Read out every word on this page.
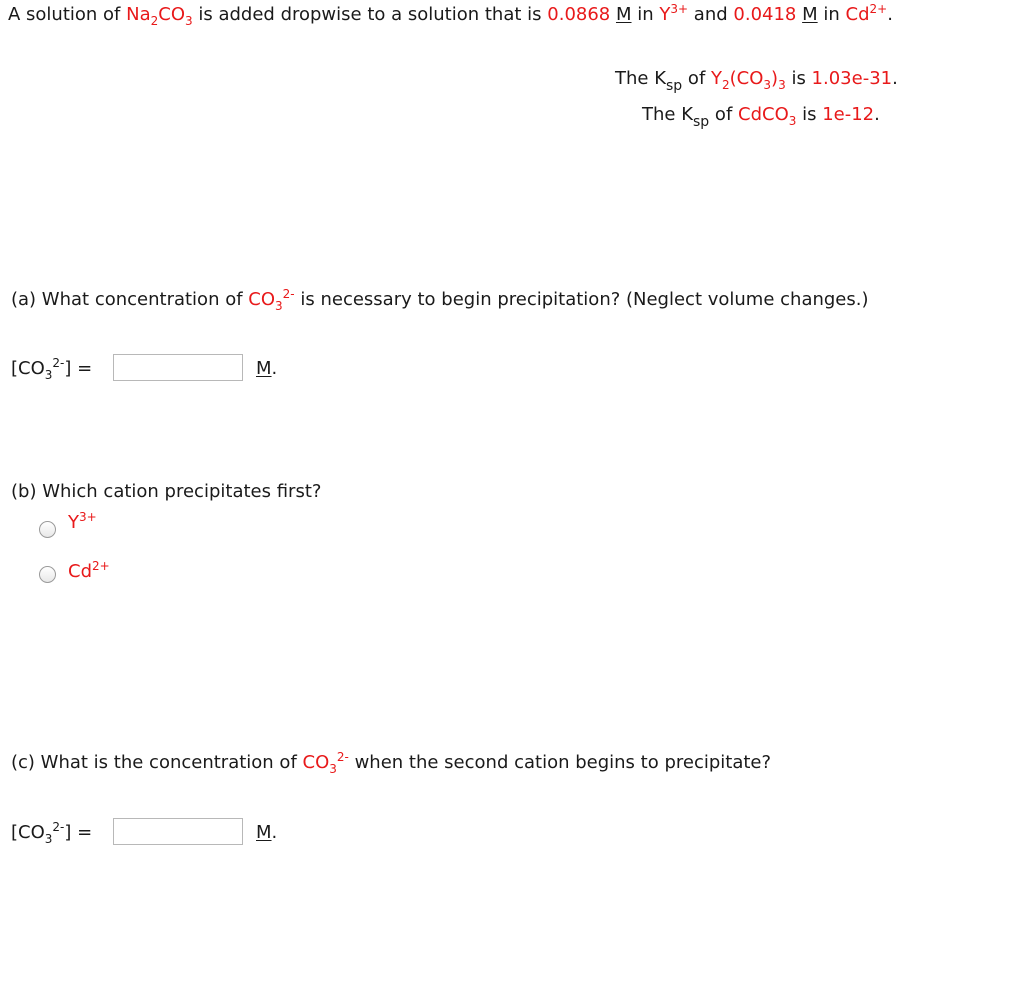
A solution of $Na_2CO_3$ is added dropwise to a solution that is 0.0868 M in $Y^{3+}$ and 0.0418 M in $Cd^{2+}$.
The $K_{sp}$ of $Y_2(CO_3)_3$ is 1.03e-31.
The $K_{sp}$ of CdCO$_3$ is 1e-12.
(a) What concentration of $CO_3^{2-}$ is necessary to begin precipitation? (Neglect volume changes.)
$[CO_3^{2-}]$ =	M.
(b) Which cation precipitates first?
$Y^{3+}$
$Cd^{2+}$
(c) What is the concentration of $CO_3^{2-}$ when the second cation begins to precipitate?
$[CO_3^{2-}]$ =	M.
